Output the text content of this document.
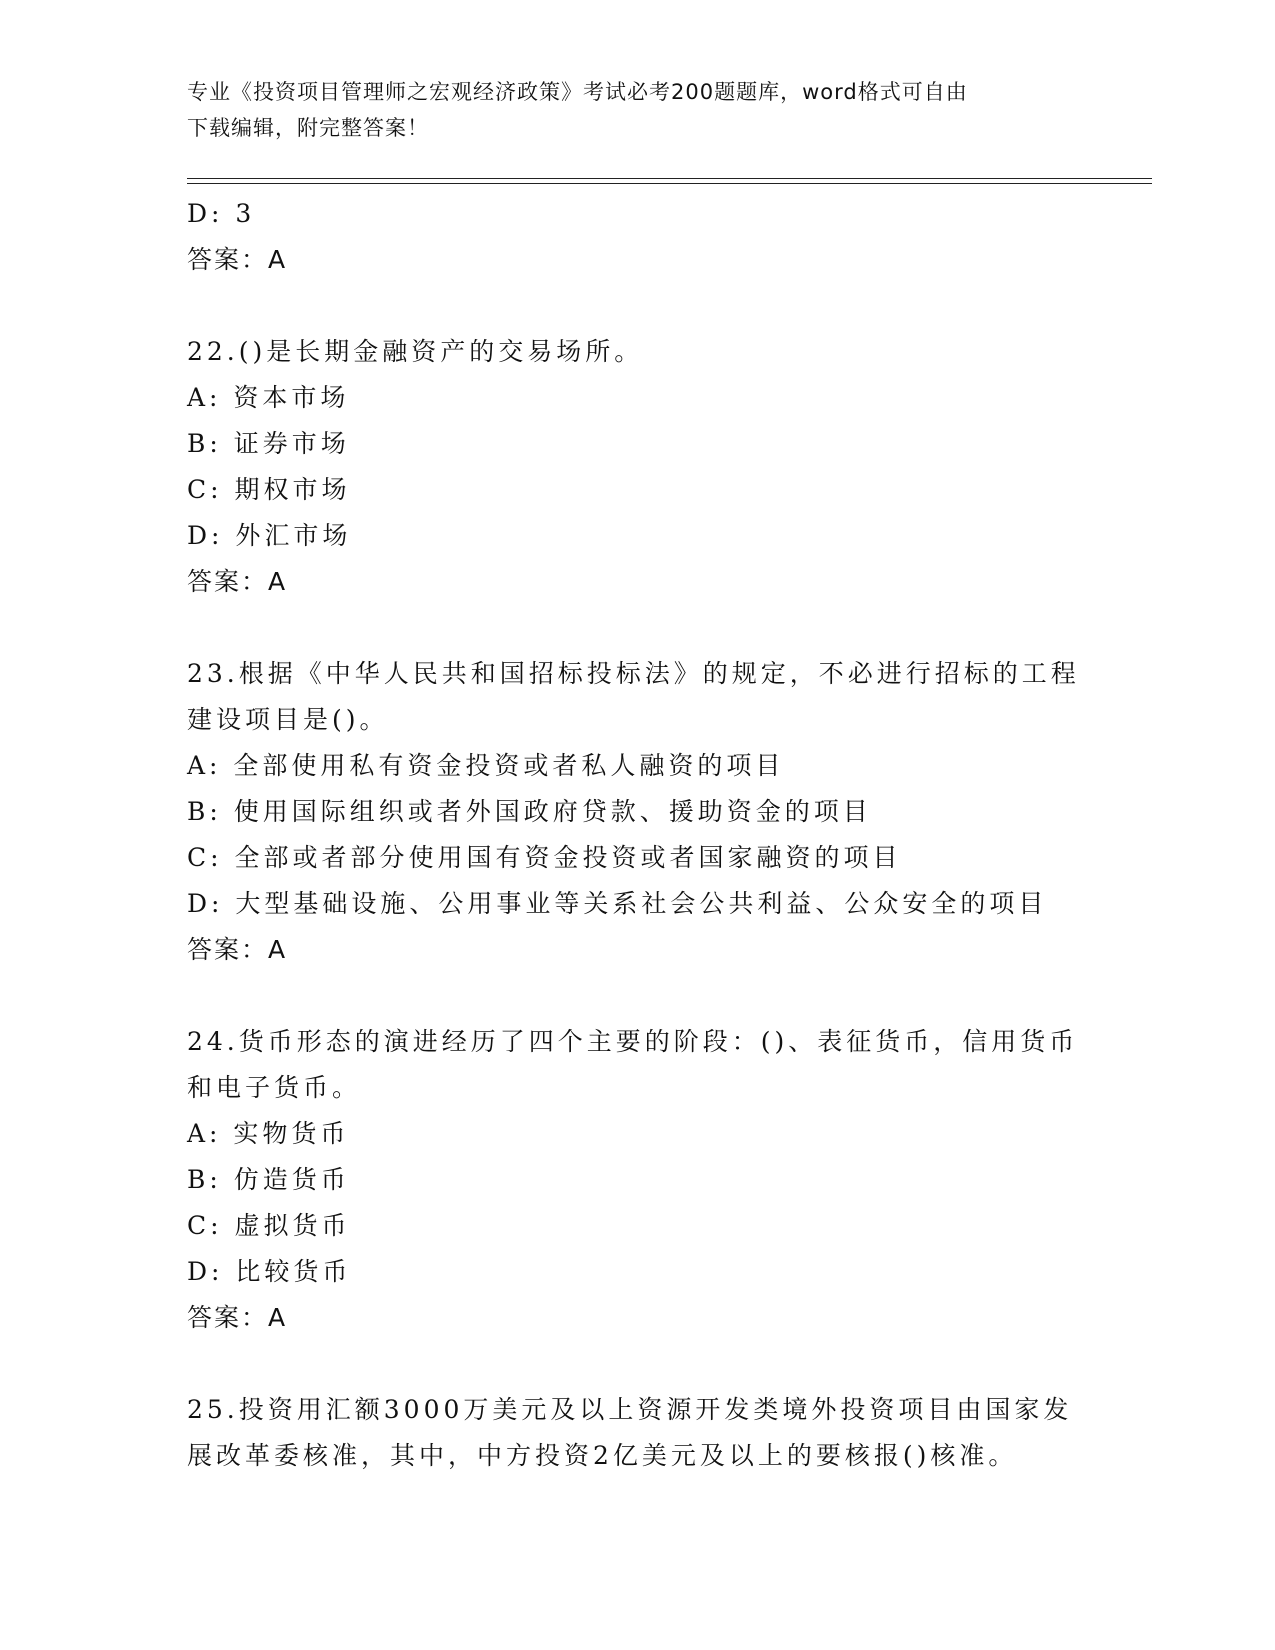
专业《投资项目管理师之宏观经济政策》考试必考200题题库，word格式可自由
下载编辑，附完整答案！
D: 3
答案：A
22.()是长期金融资产的交易场所。
A: 资本市场
B: 证券市场
C: 期权市场
D: 外汇市场
答案：A
23.根据《中华人民共和国招标投标法》的规定，不必进行招标的工程
建设项目是()。
A: 全部使用私有资金投资或者私人融资的项目
B: 使用国际组织或者外国政府贷款、援助资金的项目
C: 全部或者部分使用国有资金投资或者国家融资的项目
D: 大型基础设施、公用事业等关系社会公共利益、公众安全的项目
答案：A
24.货币形态的演进经历了四个主要的阶段：()、表征货币，信用货币
和电子货币。
A: 实物货币
B: 仿造货币
C: 虚拟货币
D: 比较货币
答案：A
25.投资用汇额3000万美元及以上资源开发类境外投资项目由国家发
展改革委核准，其中，中方投资2亿美元及以上的要核报()核准。
